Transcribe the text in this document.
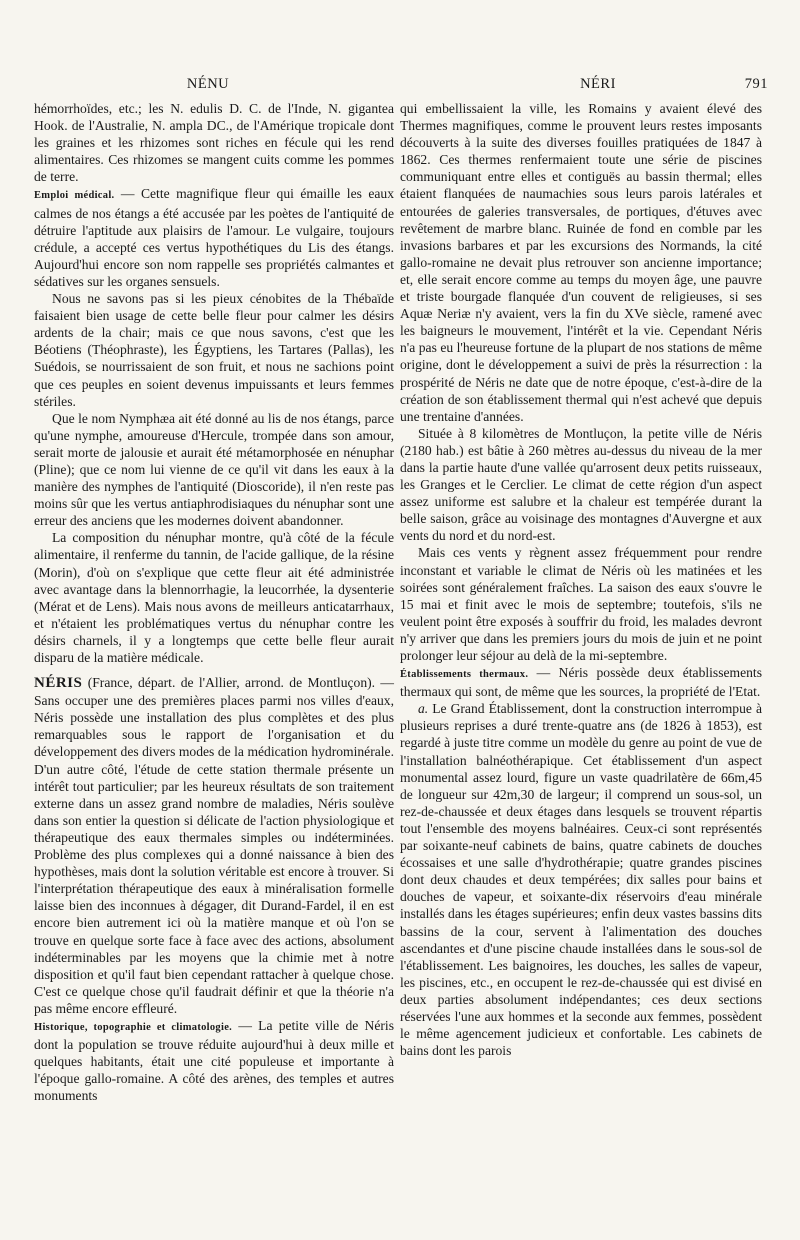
NÉNU	NÉRI	791

hémorrhoïdes, etc.; les N. edulis D. C. de l'Inde, N. gigantea Hook. de l'Australie, N. ampla DC., de l'Amérique tropicale dont les graines et les rhizomes sont riches en fécule qui les rend alimentaires. Ces rhizomes se mangent cuits comme les pommes de terre.

Emploi médical. — Cette magnifique fleur qui émaille les eaux calmes de nos étangs a été accusée par les poètes de l'antiquité de détruire l'aptitude aux plaisirs de l'amour. Le vulgaire, toujours crédule, a accepté ces vertus hypothétiques du Lis des étangs. Aujourd'hui encore son nom rappelle ses propriétés calmantes et sédatives sur les organes sensuels.

Nous ne savons pas si les pieux cénobites de la Thébaïde faisaient bien usage de cette belle fleur pour calmer les désirs ardents de la chair; mais ce que nous savons, c'est que les Béotiens (Théophraste), les Égyptiens, les Tartares (Pallas), les Suédois, se nourrissaient de son fruit, et nous ne sachions point que ces peuples en soient devenus impuissants et leurs femmes stériles.

Que le nom Nymphæa ait été donné au lis de nos étangs, parce qu'une nymphe, amoureuse d'Hercule, trompée dans son amour, serait morte de jalousie et aurait été métamorphosée en nénuphar (Pline); que ce nom lui vienne de ce qu'il vit dans les eaux à la manière des nymphes de l'antiquité (Dioscoride), il n'en reste pas moins sûr que les vertus antiaphrodisiaques du nénuphar sont une erreur des anciens que les modernes doivent abandonner.

La composition du nénuphar montre, qu'à côté de la fécule alimentaire, il renferme du tannin, de l'acide gallique, de la résine (Morin), d'où on s'explique que cette fleur ait été administrée avec avantage dans la blennorrhagie, la leucorrhée, la dysenterie (Mérat et de Lens). Mais nous avons de meilleurs anticatarrhaux, et n'étaient les problématiques vertus du nénuphar contre les désirs charnels, il y a longtemps que cette belle fleur aurait disparu de la matière médicale.

NÉRIS (France, départ. de l'Allier, arrond. de Montluçon). — Sans occuper une des premières places parmi nos villes d'eaux, Néris possède une installation des plus complètes et des plus remarquables sous le rapport de l'organisation et du développement des divers modes de la médication hydrominérale. D'un autre côté, l'étude de cette station thermale présente un intérêt tout particulier; par les heureux résultats de son traitement externe dans un assez grand nombre de maladies, Néris soulève dans son entier la question si délicate de l'action physiologique et thérapeutique des eaux thermales simples ou indéterminées. Problème des plus complexes qui a donné naissance à bien des hypothèses, mais dont la solution véritable est encore à trouver. Si l'interprétation thérapeutique des eaux à minéralisation formelle laisse bien des inconnues à dégager, dit Durand-Fardel, il en est encore bien autrement ici où la matière manque et où l'on se trouve en quelque sorte face à face avec des actions, absolument indéterminables par les moyens que la chimie met à notre disposition et qu'il faut bien cependant rattacher à quelque chose. C'est ce quelque chose qu'il faudrait définir et que la théorie n'a pas même encore effleuré.

Historique, topographie et climatologie. — La petite ville de Néris dont la population se trouve réduite aujourd'hui à deux mille et quelques habitants, était une cité populeuse et importante à l'époque gallo-romaine. A côté des arènes, des temples et autres monuments

qui embellissaient la ville, les Romains y avaient élevé des Thermes magnifiques, comme le prouvent leurs restes imposants découverts à la suite des diverses fouilles pratiquées de 1847 à 1862. Ces thermes renfermaient toute une série de piscines communiquant entre elles et contiguës au bassin thermal; elles étaient flanquées de naumachies sous leurs parois latérales et entourées de galeries transversales, de portiques, d'étuves avec revêtement de marbre blanc. Ruinée de fond en comble par les invasions barbares et par les excursions des Normands, la cité gallo-romaine ne devait plus retrouver son ancienne importance; et, elle serait encore comme au temps du moyen âge, une pauvre et triste bourgade flanquée d'un couvent de religieuses, si ses Aquæ Neriæ n'y avaient, vers la fin du XVe siècle, ramené avec les baigneurs le mouvement, l'intérêt et la vie. Cependant Néris n'a pas eu l'heureuse fortune de la plupart de nos stations de même origine, dont le développement a suivi de près la résurrection : la prospérité de Néris ne date que de notre époque, c'est-à-dire de la création de son établissement thermal qui n'est achevé que depuis une trentaine d'années.

Située à 8 kilomètres de Montluçon, la petite ville de Néris (2180 hab.) est bâtie à 260 mètres au-dessus du niveau de la mer dans la partie haute d'une vallée qu'arrosent deux petits ruisseaux, les Granges et le Cerclier. Le climat de cette région d'un aspect assez uniforme est salubre et la chaleur est tempérée durant la belle saison, grâce au voisinage des montagnes d'Auvergne et aux vents du nord et du nord-est.

Mais ces vents y règnent assez fréquemment pour rendre inconstant et variable le climat de Néris où les matinées et les soirées sont généralement fraîches. La saison des eaux s'ouvre le 15 mai et finit avec le mois de septembre; toutefois, s'ils ne veulent point être exposés à souffrir du froid, les malades devront n'y arriver que dans les premiers jours du mois de juin et ne point prolonger leur séjour au delà de la mi-septembre.

Établissements thermaux. — Néris possède deux établissements thermaux qui sont, de même que les sources, la propriété de l'Etat.

a. Le Grand Établissement, dont la construction interrompue à plusieurs reprises a duré trente-quatre ans (de 1826 à 1853), est regardé à juste titre comme un modèle du genre au point de vue de l'installation balnéothérapique. Cet établissement d'un aspect monumental assez lourd, figure un vaste quadrilatère de 66m,45 de longueur sur 42m,30 de largeur; il comprend un sous-sol, un rez-de-chaussée et deux étages dans lesquels se trouvent répartis tout l'ensemble des moyens balnéaires. Ceux-ci sont représentés par soixante-neuf cabinets de bains, quatre cabinets de douches écossaises et une salle d'hydrothérapie; quatre grandes piscines dont deux chaudes et deux tempérées; dix salles pour bains et douches de vapeur, et soixante-dix réservoirs d'eau minérale installés dans les étages supérieures; enfin deux vastes bassins dits bassins de la cour, servent à l'alimentation des douches ascendantes et d'une piscine chaude installées dans le sous-sol de l'établissement. Les baignoires, les douches, les salles de vapeur, les piscines, etc., en occupent le rez-de-chaussée qui est divisé en deux parties absolument indépendantes; ces deux sections réservées l'une aux hommes et la seconde aux femmes, possèdent le même agencement judicieux et confortable. Les cabinets de bains dont les parois
